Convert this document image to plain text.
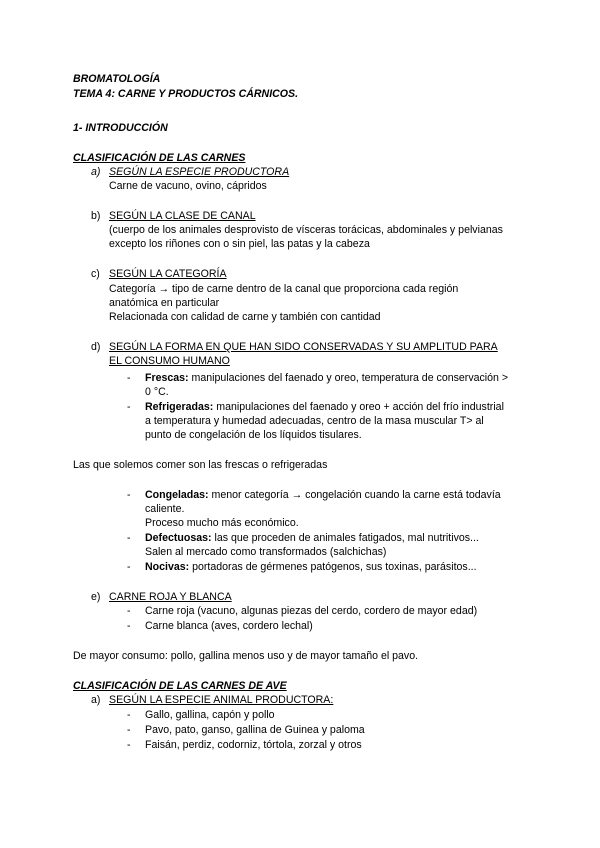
BROMATOLOGÍA
TEMA 4: CARNE Y PRODUCTOS CÁRNICOS.
1- INTRODUCCIÓN
CLASIFICACIÓN DE LAS CARNES
a) SEGÚN LA ESPECIE PRODUCTORA
Carne de vacuno, ovino, cápridos
b) SEGÚN LA CLASE DE CANAL
(cuerpo de los animales desprovisto de vísceras torácicas, abdominales y pelvianas
excepto los riñones con o sin piel, las patas y la cabeza
c) SEGÚN LA CATEGORÍA
Categoría → tipo de carne dentro de la canal que proporciona cada región
anatómica en particular
Relacionada con calidad de carne y también con cantidad
d) SEGÚN LA FORMA EN QUE HAN SIDO CONSERVADAS Y SU AMPLITUD PARA
EL CONSUMO HUMANO
- Frescas: manipulaciones del faenado y oreo, temperatura de conservación >
0 °C.
- Refrigeradas: manipulaciones del faenado y oreo + acción del frío industrial
a temperatura y humedad adecuadas, centro de la masa muscular T> al
punto de congelación de los líquidos tisulares.
Las que solemos comer son las frescas o refrigeradas
- Congeladas: menor categoría → congelación cuando la carne está todavía
caliente.
Proceso mucho más económico.
- Defectuosas: las que proceden de animales fatigados, mal nutritivos...
Salen al mercado como transformados (salchichas)
- Nocivas: portadoras de gérmenes patógenos, sus toxinas, parásitos...
e) CARNE ROJA Y BLANCA
- Carne roja (vacuno, algunas piezas del cerdo, cordero de mayor edad)
- Carne blanca (aves, cordero lechal)
De mayor consumo: pollo, gallina menos uso y de mayor tamaño el pavo.
CLASIFICACIÓN DE LAS CARNES DE AVE
a) SEGÚN LA ESPECIE ANIMAL PRODUCTORA:
- Gallo, gallina, capón y pollo
- Pavo, pato, ganso, gallina de Guinea y paloma
- Faisán, perdiz, codorniz, tórtola, zorzal y otros
